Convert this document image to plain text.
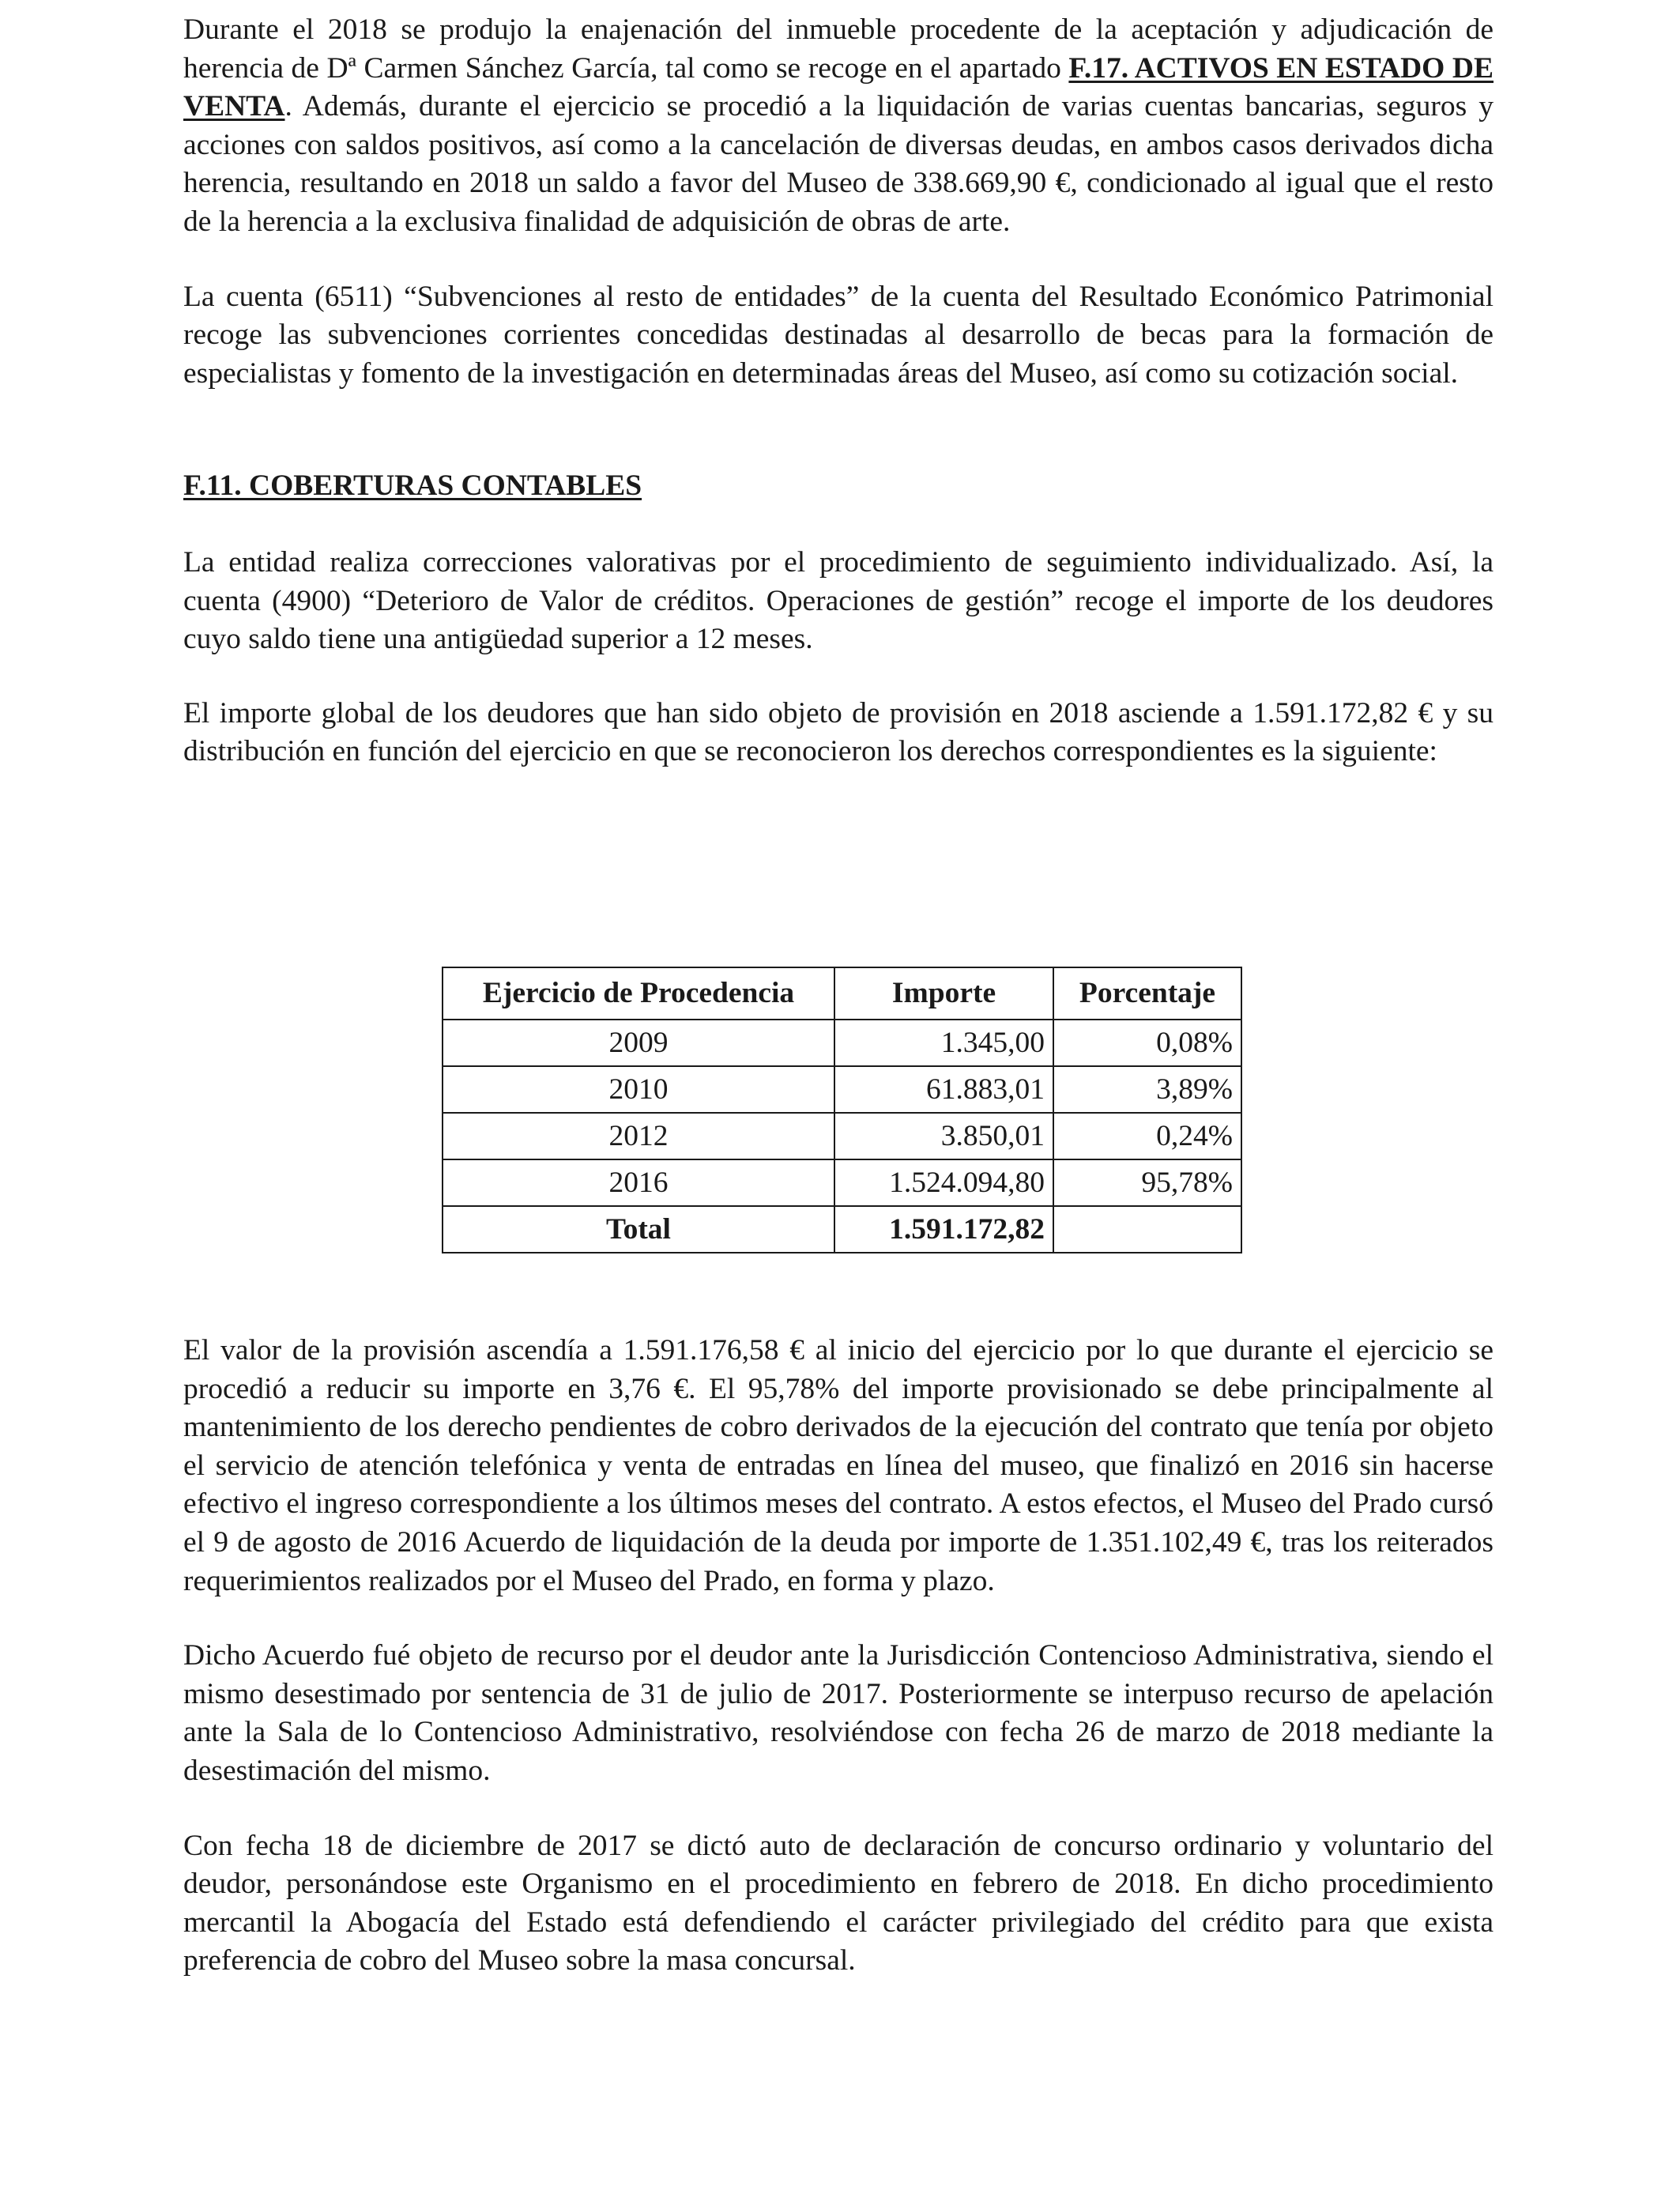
Durante el 2018 se produjo la enajenación del inmueble procedente de la aceptación y adjudicación de herencia de Dª Carmen Sánchez García, tal como se recoge en el apartado F.17. ACTIVOS EN ESTADO DE VENTA. Además, durante el ejercicio se procedió a la liquidación de varias cuentas bancarias, seguros y acciones con saldos positivos, así como a la cancelación de diversas deudas, en ambos casos derivados dicha herencia, resultando en 2018 un saldo a favor del Museo de 338.669,90 €, condicionado al igual que el resto de la herencia a la exclusiva finalidad de adquisición de obras de arte.

La cuenta (6511) “Subvenciones al resto de entidades” de la cuenta del Resultado Económico Patrimonial recoge las subvenciones corrientes concedidas destinadas al desarrollo de becas para la formación de especialistas y fomento de la investigación en determinadas áreas del Museo, así como su cotización social.

F.11. COBERTURAS CONTABLES

La entidad realiza correcciones valorativas por el procedimiento de seguimiento individualizado. Así, la cuenta (4900) “Deterioro de Valor de créditos. Operaciones de gestión” recoge el importe de los deudores cuyo saldo tiene una antigüedad superior a 12 meses.

El importe global de los deudores que han sido objeto de provisión en 2018 asciende a 1.591.172,82 € y su distribución en función del ejercicio en que se reconocieron los derechos correspondientes es la siguiente:

Ejercicio de Procedencia	Importe	Porcentaje
2009	1.345,00	0,08%
2010	61.883,01	3,89%
2012	3.850,01	0,24%
2016	1.524.094,80	95,78%
Total	1.591.172,82	

El valor de la provisión ascendía a 1.591.176,58 € al inicio del ejercicio por lo que durante el ejercicio se procedió a reducir su importe en 3,76 €. El 95,78% del importe provisionado se debe principalmente al mantenimiento de los derecho pendientes de cobro derivados de la ejecución del contrato que tenía por objeto el servicio de atención telefónica y venta de entradas en línea del museo, que finalizó en 2016 sin hacerse efectivo el ingreso correspondiente a los últimos meses del contrato. A estos efectos, el Museo del Prado cursó el 9 de agosto de 2016 Acuerdo de liquidación de la deuda por importe de 1.351.102,49 €, tras los reiterados requerimientos realizados por el Museo del Prado, en forma y plazo.

Dicho Acuerdo fué objeto de recurso por el deudor ante la Jurisdicción Contencioso Administrativa, siendo el mismo desestimado por sentencia de 31 de julio de 2017. Posteriormente se interpuso recurso de apelación ante la Sala de lo Contencioso Administrativo, resolviéndose con fecha 26 de marzo de 2018 mediante la desestimación del mismo.

Con fecha 18 de diciembre de 2017 se dictó auto de declaración de concurso ordinario y voluntario del deudor, personándose este Organismo en el procedimiento en febrero de 2018. En dicho procedimiento mercantil la Abogacía del Estado está defendiendo el carácter privilegiado del crédito para que exista preferencia de cobro del Museo sobre la masa concursal.
